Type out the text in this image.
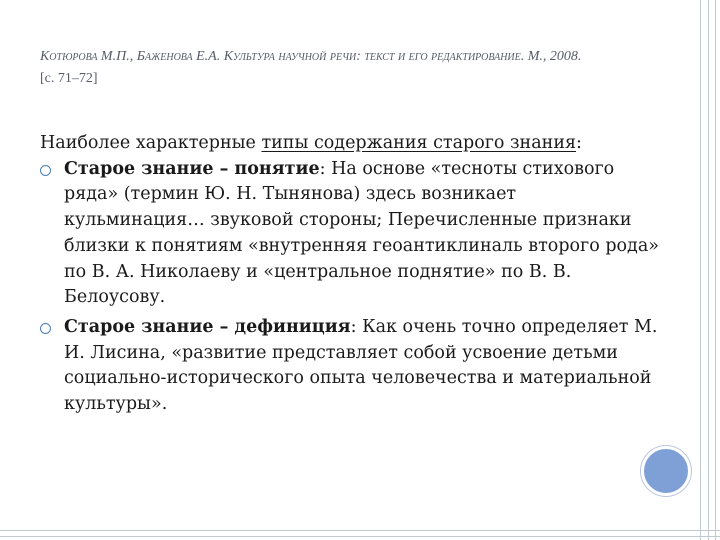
Котюрова М.П., Баженова Е.А. Культура научной речи: текст и его редактирование. М., 2008.
[с. 71–72]

Наиболее характерные типы содержания старого знания:

Старое знание – понятие: На основе «тесноты стихового ряда» (термин Ю. Н. Тынянова) здесь возникает кульминация… звуковой стороны; Перечисленные признаки близки к понятиям «внутренняя геоантиклиналь второго рода» по В. А. Николаеву и «центральное поднятие» по В. В. Белоусову.
Старое знание – дефиниция: Как очень точно определяет М. И. Лисина, «развитие представляет собой усвоение детьми социально-исторического опыта человечества и материальной культуры».
